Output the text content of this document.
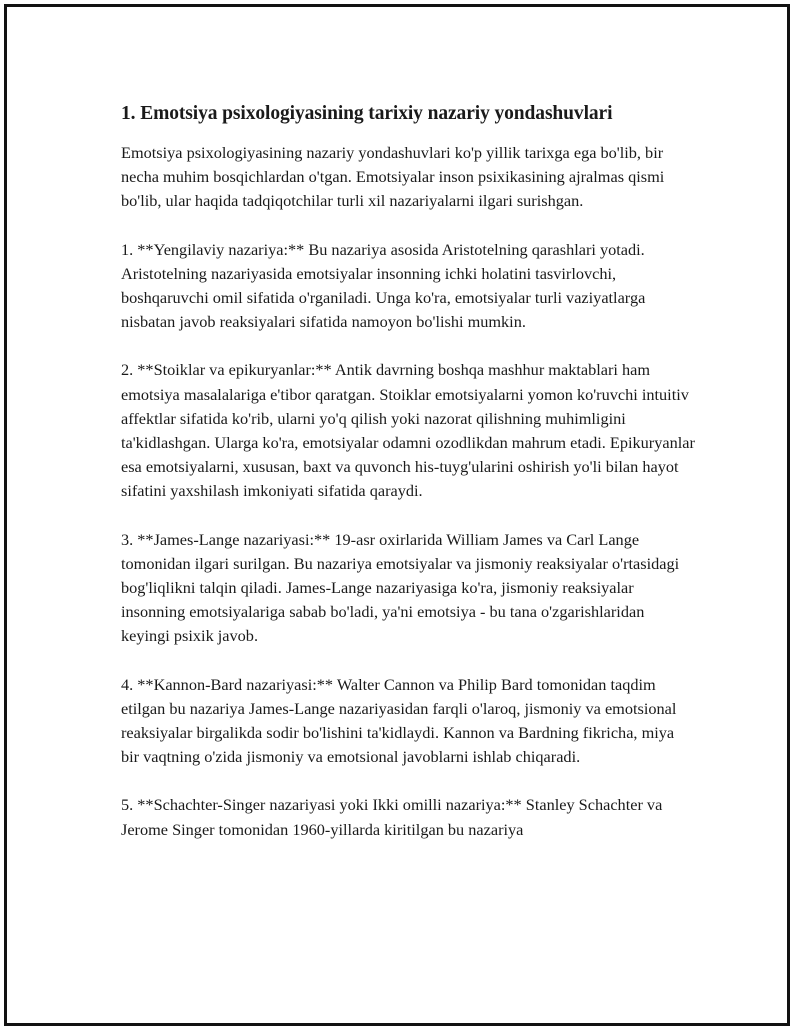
1. Emotsiya psixologiyasining tarixiy nazariy yondashuvlari

Emotsiya psixologiyasining nazariy yondashuvlari ko'p yillik tarixga ega bo'lib, bir necha muhim bosqichlardan o'tgan. Emotsiyalar inson psixikasining ajralmas qismi bo'lib, ular haqida tadqiqotchilar turli xil nazariyalarni ilgari surishgan.

1. **Yengilaviy nazariya:** Bu nazariya asosida Aristotelning qarashlari yotadi. Aristotelning nazariyasida emotsiyalar insonning ichki holatini tasvirlovchi, boshqaruvchi omil sifatida o'rganiladi. Unga ko'ra, emotsiyalar turli vaziyatlarga nisbatan javob reaksiyalari sifatida namoyon bo'lishi mumkin.

2. **Stoiklar va epikuryanlar:** Antik davrning boshqa mashhur maktablari ham emotsiya masalalariga e'tibor qaratgan. Stoiklar emotsiyalarni yomon ko'ruvchi intuitiv affektlar sifatida ko'rib, ularni yo'q qilish yoki nazorat qilishning muhimligini ta'kidlashgan. Ularga ko'ra, emotsiyalar odamni ozodlikdan mahrum etadi. Epikuryanlar esa emotsiyalarni, xususan, baxt va quvonch his-tuyg'ularini oshirish yo'li bilan hayot sifatini yaxshilash imkoniyati sifatida qaraydi.

3. **James-Lange nazariyasi:** 19-asr oxirlarida William James va Carl Lange tomonidan ilgari surilgan. Bu nazariya emotsiyalar va jismoniy reaksiyalar o'rtasidagi bog'liqlikni talqin qiladi. James-Lange nazariyasiga ko'ra, jismoniy reaksiyalar insonning emotsiyalariga sabab bo'ladi, ya'ni emotsiya - bu tana o'zgarishlaridan keyingi psixik javob.

4. **Kannon-Bard nazariyasi:** Walter Cannon va Philip Bard tomonidan taqdim etilgan bu nazariya James-Lange nazariyasidan farqli o'laroq, jismoniy va emotsional reaksiyalar birgalikda sodir bo'lishini ta'kidlaydi. Kannon va Bardning fikricha, miya bir vaqtning o'zida jismoniy va emotsional javoblarni ishlab chiqaradi.

5. **Schachter-Singer nazariyasi yoki Ikki omilli nazariya:** Stanley Schachter va Jerome Singer tomonidan 1960-yillarda kiritilgan bu nazariya
